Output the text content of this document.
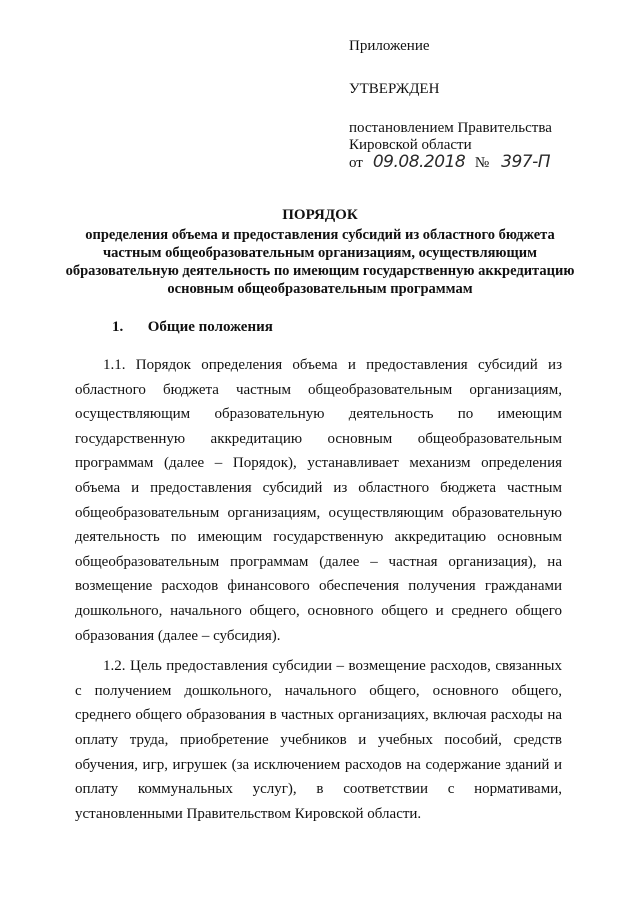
Приложение
УТВЕРЖДЕН
постановлением Правительства
Кировской области
от 09.08.2018 № 397-П
ПОРЯДОК
определения объема и предоставления субсидий из областного бюджета частным общеобразовательным организациям, осуществляющим образовательную деятельность по имеющим государственную аккредитацию основным общеобразовательным программам
1. Общие положения

1.1. Порядок определения объема и предоставления субсидий из областного бюджета частным общеобразовательным организациям, осуществляющим образовательную деятельность по имеющим государственную аккредитацию основным общеобразовательным программам (далее – Порядок), устанавливает механизм определения объема и предоставления субсидий из областного бюджета частным общеобразовательным организациям, осуществляющим образовательную деятельность по имеющим государственную аккредитацию основным общеобразовательным программам (далее – частная организация), на возмещение расходов финансового обеспечения получения гражданами дошкольного, начального общего, основного общего и среднего общего образования (далее – субсидия).

1.2. Цель предоставления субсидии – возмещение расходов, связанных с получением дошкольного, начального общего, основного общего, среднего общего образования в частных организациях, включая расходы на оплату труда, приобретение учебников и учебных пособий, средств обучения, игр, игрушек (за исключением расходов на содержание зданий и оплату коммунальных услуг), в соответствии с нормативами, установленными Правительством Кировской области.
